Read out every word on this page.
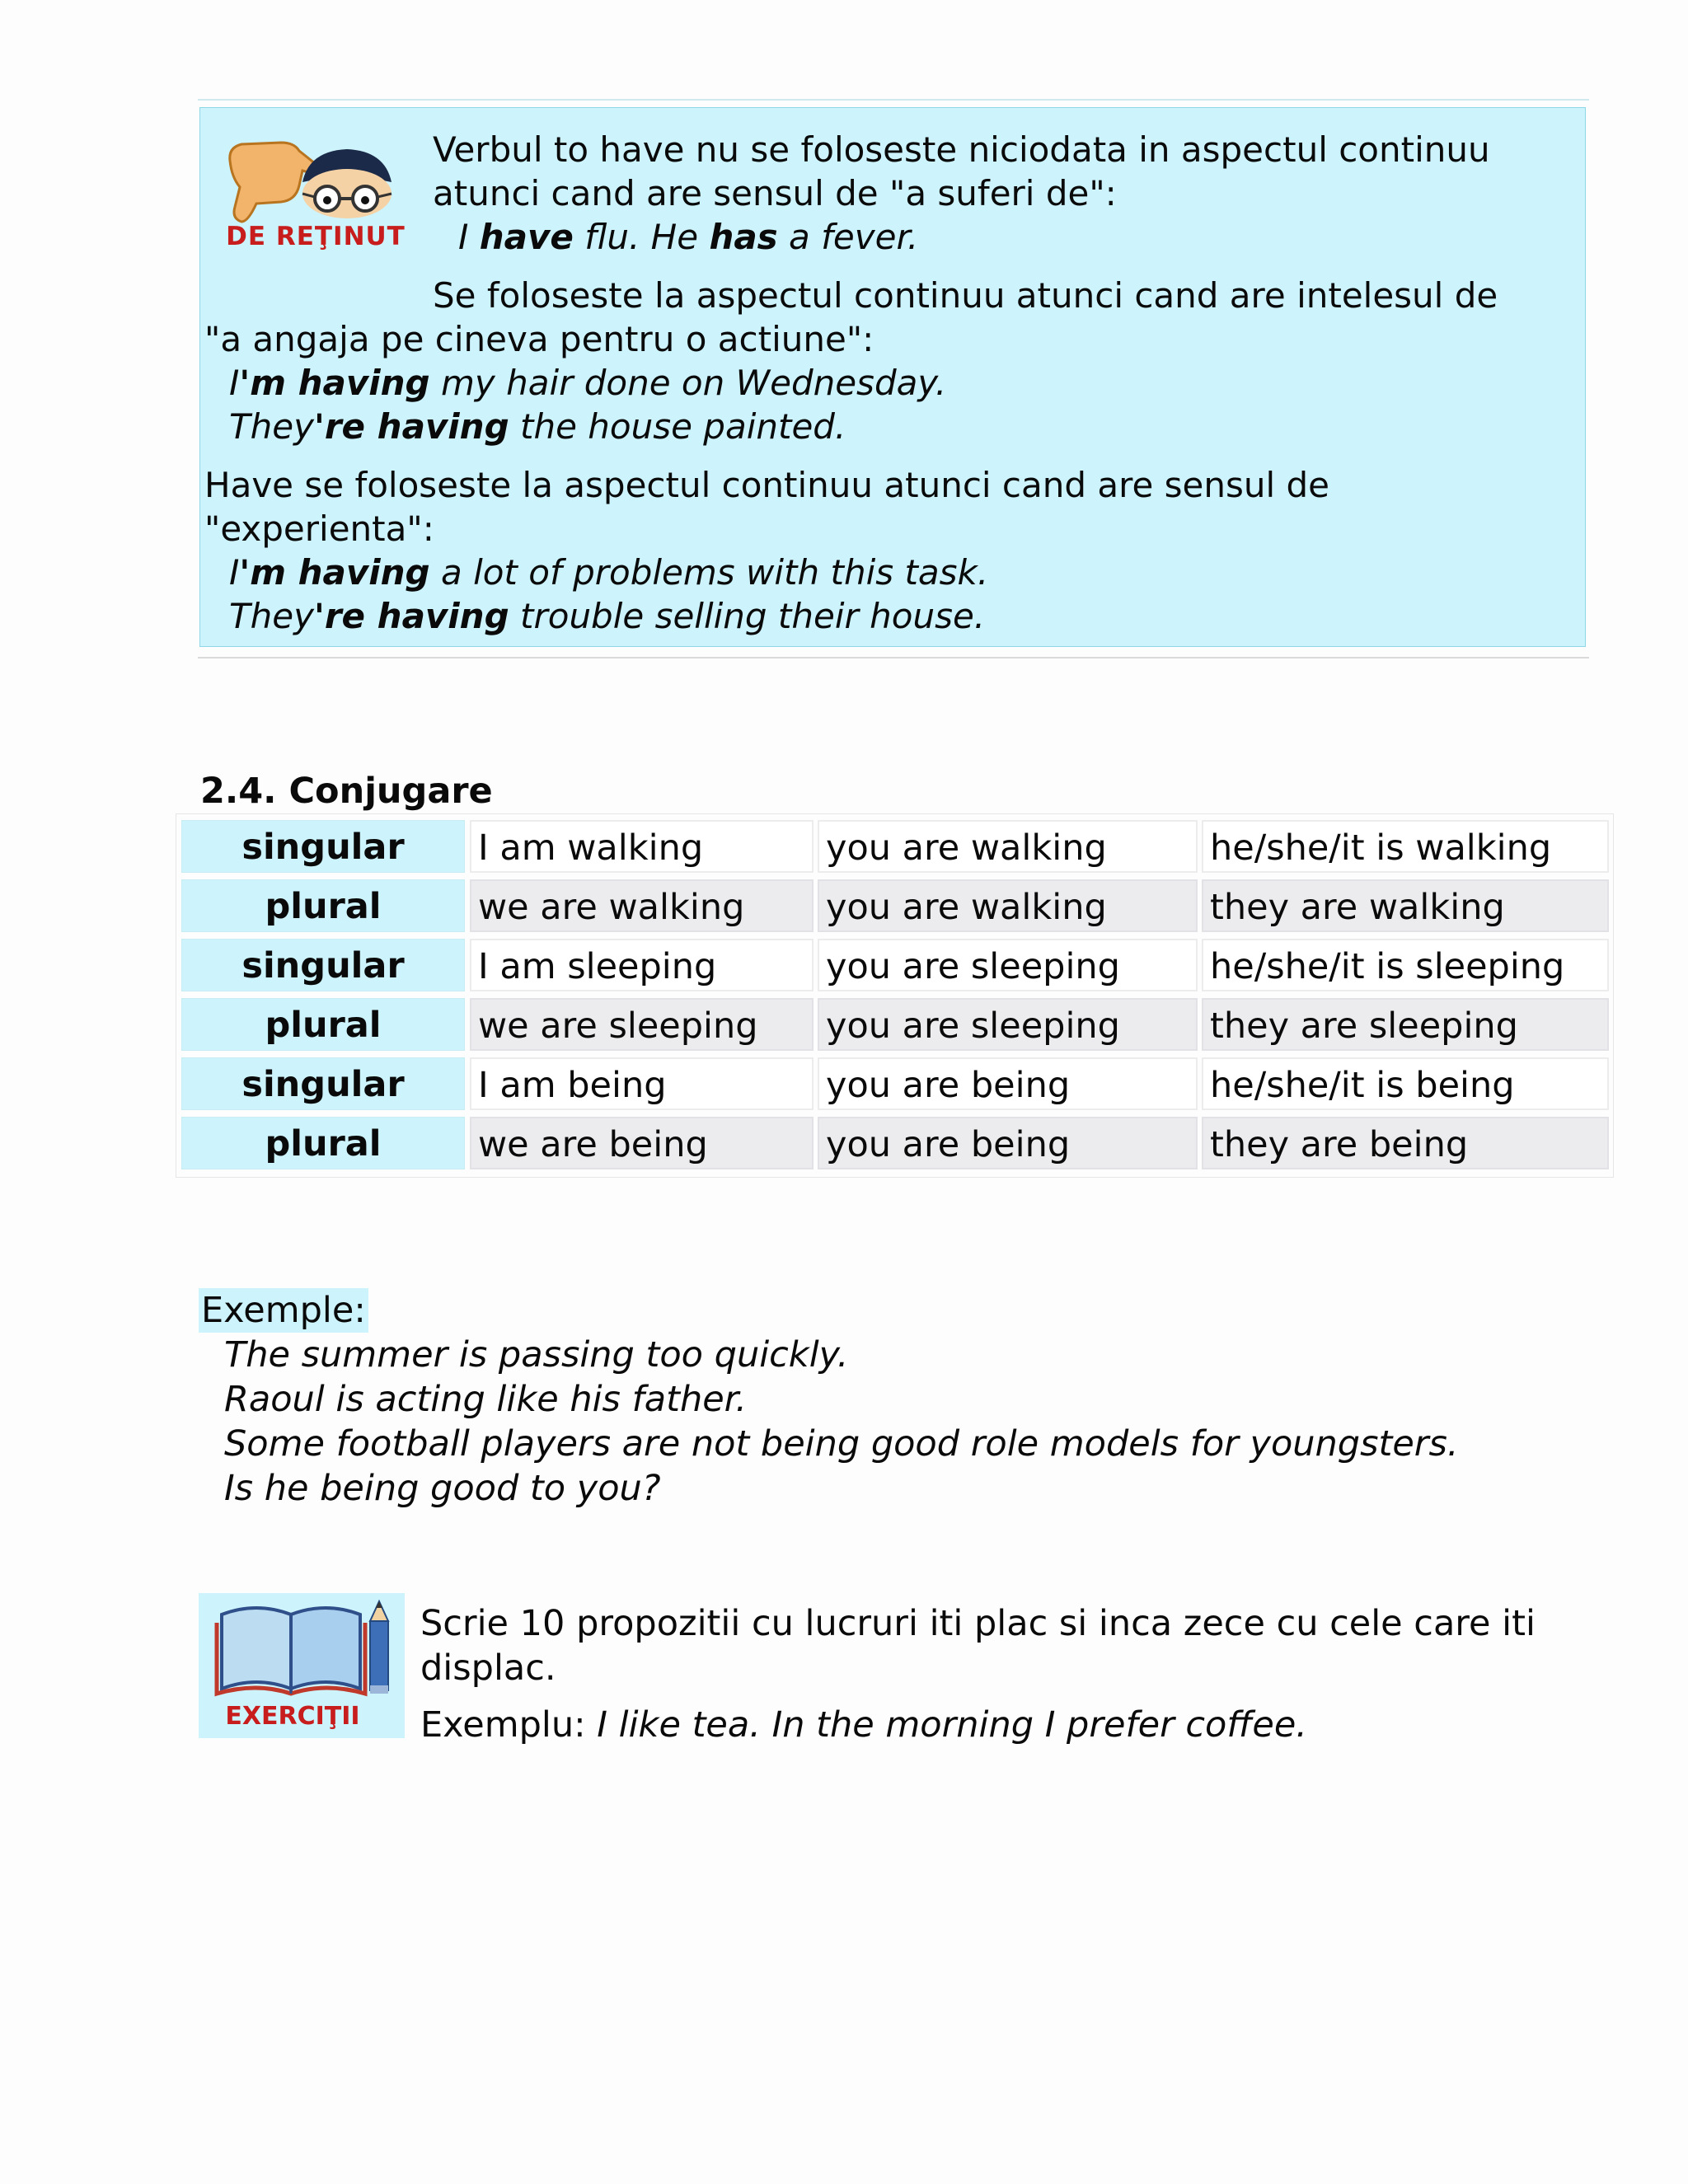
DE REŢINUT
Verbul to have nu se foloseste niciodata in aspectul continuu
atunci cand are sensul de "a suferi de":
I have flu. He has a fever.
Se foloseste la aspectul continuu atunci cand are intelesul de
"a angaja pe cineva pentru o actiune":
I'm having my hair done on Wednesday.
They're having the house painted.
Have se foloseste la aspectul continuu atunci cand are sensul de
"experienta":
I'm having a lot of problems with this task.
They're having trouble selling their house.
2.4. Conjugare
singular	I am walking	you are walking	he/she/it is walking
plural	we are walking	you are walking	they are walking
singular	I am sleeping	you are sleeping	he/she/it is sleeping
plural	we are sleeping	you are sleeping	they are sleeping
singular	I am being	you are being	he/she/it is being
plural	we are being	you are being	they are being
Exemple:
The summer is passing too quickly.
Raoul is acting like his father.
Some football players are not being good role models for youngsters.
Is he being good to you?
EXERCIŢII
Scrie 10 propozitii cu lucruri iti plac si inca zece cu cele care iti
displac.
Exemplu: I like tea. In the morning I prefer coffee.
